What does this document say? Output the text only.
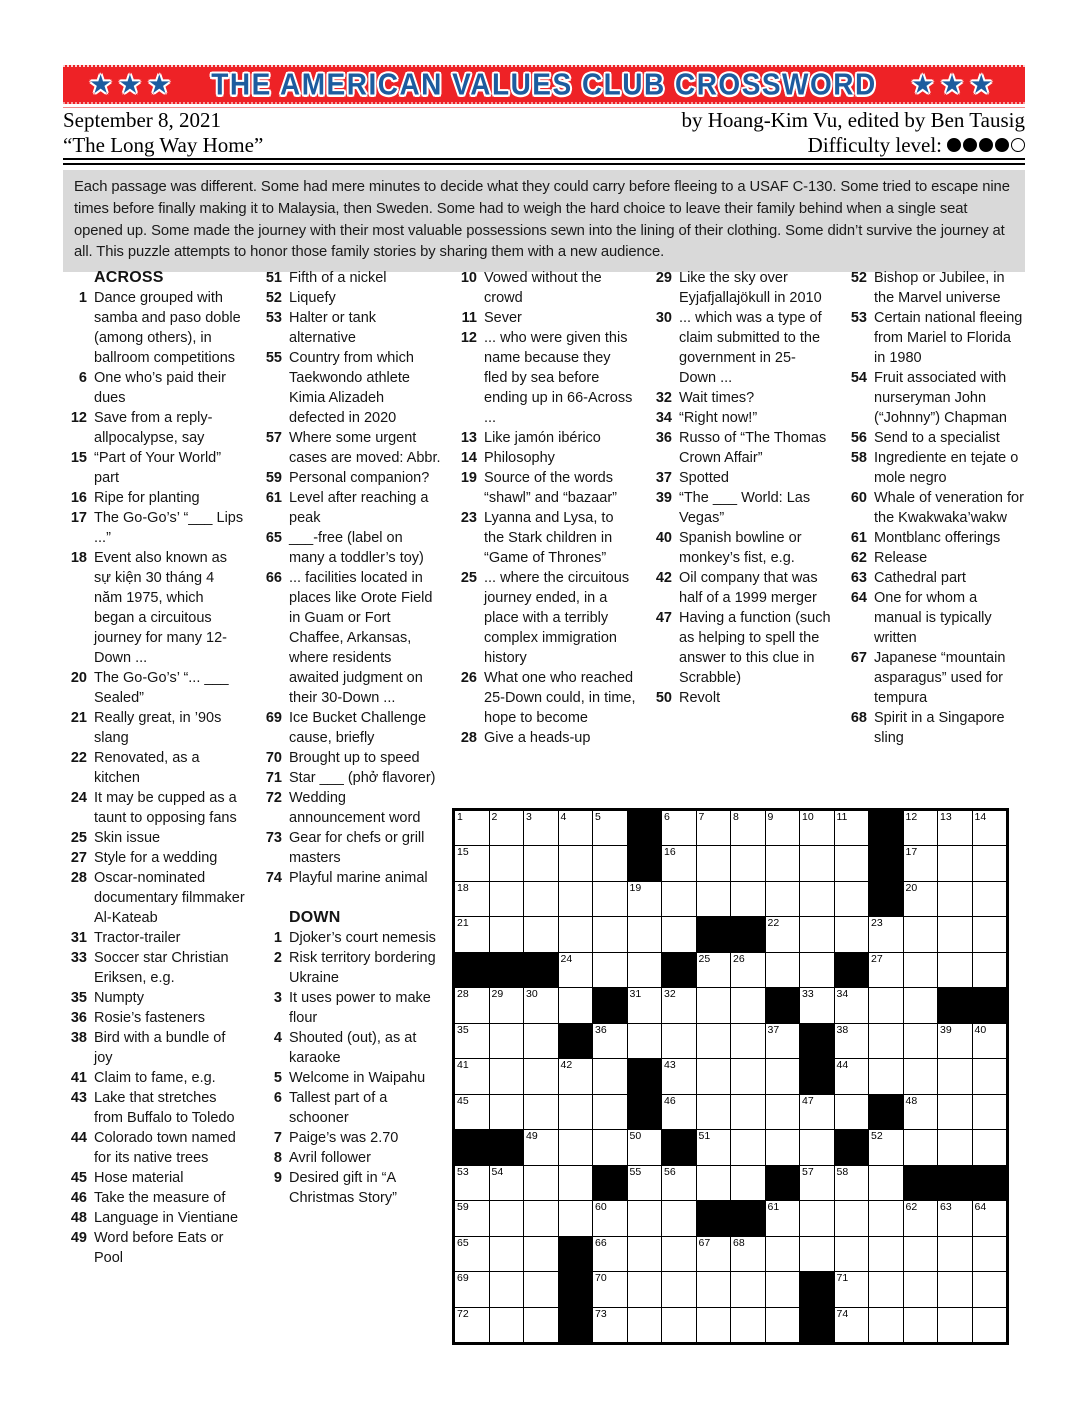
★★★ THE AMERICAN VALUES CLUB CROSSWORD ★★★
September 8, 2021
“The Long Way Home”
by Hoang-Kim Vu, edited by Ben Tausig
Difficulty level:
Each passage was different. Some had mere minutes to decide what they could carry before fleeing to a USAF C-130. Some tried to escape nine times before finally making it to Malaysia, then Sweden. Some had to weigh the hard choice to leave their family behind when a single seat opened up. Some made the journey with their most valuable possessions sewn into the lining of their clothing. Some didn’t survive the journey at all. This puzzle attempts to honor those family stories by sharing them with a new audience.
ACROSS
1 Dance grouped with samba and paso doble (among others), in ballroom competitions
6 One who’s paid their dues
12 Save from a reply-allpocalypse, say
15 “Part of Your World” part
16 Ripe for planting
17 The Go-Go’s’ “___ Lips ...”
18 Event also known as sự kiện 30 tháng 4 năm 1975, which began a circuitous journey for many 12-Down ...
20 The Go-Go’s’ “... ___ Sealed”
21 Really great, in ’90s slang
22 Renovated, as a kitchen
24 It may be cupped as a taunt to opposing fans
25 Skin issue
27 Style for a wedding
28 Oscar-nominated documentary filmmaker Al-Kateab
31 Tractor-trailer
33 Soccer star Christian Eriksen, e.g.
35 Numpty
36 Rosie’s fasteners
38 Bird with a bundle of joy
41 Claim to fame, e.g.
43 Lake that stretches from Buffalo to Toledo
44 Colorado town named for its native trees
45 Hose material
46 Take the measure of
48 Language in Vientiane
49 Word before Eats or Pool
51 Fifth of a nickel
52 Liquefy
53 Halter or tank alternative
55 Country from which Taekwondo athlete Kimia Alizadeh defected in 2020
57 Where some urgent cases are moved: Abbr.
59 Personal companion?
61 Level after reaching a peak
65 ___-free (label on many a toddler’s toy)
66 ... facilities located in places like Orote Field in Guam or Fort Chaffee, Arkansas, where residents awaited judgment on their 30-Down ...
69 Ice Bucket Challenge cause, briefly
70 Brought up to speed
71 Star ___ (phở flavorer)
72 Wedding announcement word
73 Gear for chefs or grill masters
74 Playful marine animal
DOWN
1 Djoker’s court nemesis
2 Risk territory bordering Ukraine
3 It uses power to make flour
4 Shouted (out), as at karaoke
5 Welcome in Waipahu
6 Tallest part of a schooner
7 Paige’s was 2.70
8 Avril follower
9 Desired gift in “A Christmas Story”
10 Vowed without the crowd
11 Sever
12 ... who were given this name because they fled by sea before ending up in 66-Across ...
13 Like jamón ibérico
14 Philosophy
19 Source of the words “shawl” and “bazaar”
23 Lyanna and Lysa, to the Stark children in “Game of Thrones”
25 ... where the circuitous journey ended, in a place with a terribly complex immigration history
26 What one who reached 25-Down could, in time, hope to become
28 Give a heads-up
29 Like the sky over Eyjafjallajökull in 2010
30 ... which was a type of claim submitted to the government in 25-Down ...
32 Wait times?
34 “Right now!”
36 Russo of “The Thomas Crown Affair”
37 Spotted
39 “The ___ World: Las Vegas”
40 Spanish bowline or monkey’s fist, e.g.
42 Oil company that was half of a 1999 merger
47 Having a function (such as helping to spell the answer to this clue in Scrabble)
50 Revolt
52 Bishop or Jubilee, in the Marvel universe
53 Certain national fleeing from Mariel to Florida in 1980
54 Fruit associated with nurseryman John (“Johnny”) Chapman
56 Send to a specialist
58 Ingrediente en tejate o mole negro
60 Whale of veneration for the Kwakwaka’wakw
61 Montblanc offerings
62 Release
63 Cathedral part
64 One for whom a manual is typically written
67 Japanese “mountain asparagus” used for tempura
68 Spirit in a Singapore sling
1	2	3	4	5	6	7	8	9	10 11	12 13 14
15	16	17
18	19	20
21	22	23
24	25 26	27
28 29 30	31 32	33 34
35	36	37	38	39 40
41	42	43	44
45	46	47	48
49	50	51	52
53 54	55 56	57 58
59	60	61	62 63 64
65	66	67 68
69	70	71
72	73	74
